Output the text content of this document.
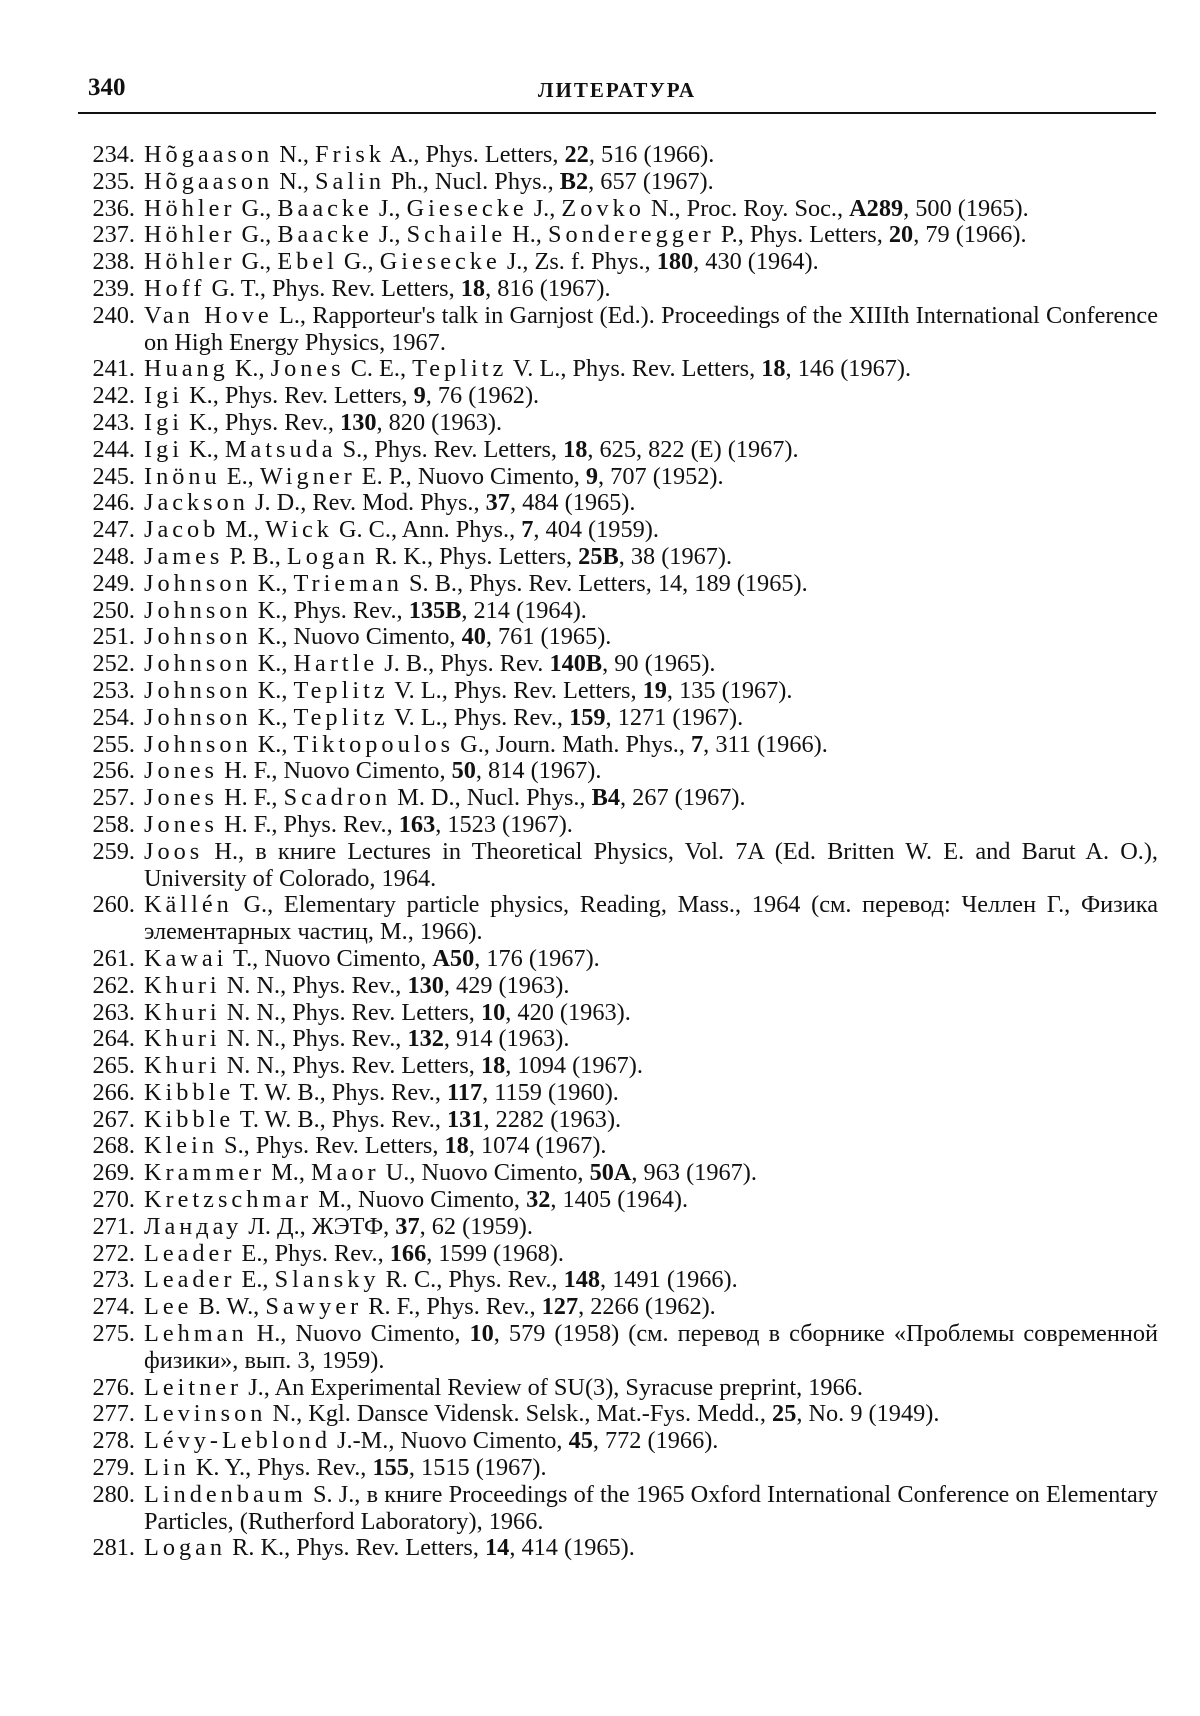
340	ЛИТЕРАТУРА
234. Hõgaason N., Frisk A., Phys. Letters, 22, 516 (1966).
235. Hõgaason N., Salin Ph., Nucl. Phys., B2, 657 (1967).
236. Höhler G., Baacke J., Giesecke J., Zovko N., Proc. Roy. Soc., A289, 500 (1965).
237. Höhler G., Baacke J., Schaile H., Sonderegger P., Phys. Letters, 20, 79 (1966).
238. Höhler G., Ebel G., Giesecke J., Zs. f. Phys., 180, 430 (1964).
239. Hoff G. T., Phys. Rev. Letters, 18, 816 (1967).
240. Van Hove L., Rapporteur's talk in Garnjost (Ed.). Proceedings of the XIIIth International Conference on High Energy Physics, 1967.
241. Huang K., Jones C. E., Teplitz V. L., Phys. Rev. Letters, 18, 146 (1967).
242. Igi K., Phys. Rev. Letters, 9, 76 (1962).
243. Igi K., Phys. Rev., 130, 820 (1963).
244. Igi K., Matsuda S., Phys. Rev. Letters, 18, 625, 822 (E) (1967).
245. Inönu E., Wigner E. P., Nuovo Cimento, 9, 707 (1952).
246. Jackson J. D., Rev. Mod. Phys., 37, 484 (1965).
247. Jacob M., Wick G. C., Ann. Phys., 7, 404 (1959).
248. James P. B., Logan R. K., Phys. Letters, 25B, 38 (1967).
249. Johnson K., Trieman S. B., Phys. Rev. Letters, 14, 189 (1965).
250. Johnson K., Phys. Rev., 135B, 214 (1964).
251. Johnson K., Nuovo Cimento, 40, 761 (1965).
252. Johnson K., Hartle J. B., Phys. Rev. 140B, 90 (1965).
253. Johnson K., Teplitz V. L., Phys. Rev. Letters, 19, 135 (1967).
254. Johnson K., Teplitz V. L., Phys. Rev., 159, 1271 (1967).
255. Johnson K., Tiktopoulos G., Journ. Math. Phys., 7, 311 (1966).
256. Jones H. F., Nuovo Cimento, 50, 814 (1967).
257. Jones H. F., Scadron M. D., Nucl. Phys., B4, 267 (1967).
258. Jones H. F., Phys. Rev., 163, 1523 (1967).
259. Joos H., в книге Lectures in Theoretical Physics, Vol. 7A (Ed. Britten W. E. and Barut A. O.), University of Colorado, 1964.
260. Källén G., Elementary particle physics, Reading, Mass., 1964 (см. перевод: Челлен Г., Физика элементарных частиц, М., 1966).
261. Kawai T., Nuovo Cimento, A50, 176 (1967).
262. Khuri N. N., Phys. Rev., 130, 429 (1963).
263. Khuri N. N., Phys. Rev. Letters, 10, 420 (1963).
264. Khuri N. N., Phys. Rev., 132, 914 (1963).
265. Khuri N. N., Phys. Rev. Letters, 18, 1094 (1967).
266. Kibble T. W. B., Phys. Rev., 117, 1159 (1960).
267. Kibble T. W. B., Phys. Rev., 131, 2282 (1963).
268. Klein S., Phys. Rev. Letters, 18, 1074 (1967).
269. Krammer M., Maor U., Nuovo Cimento, 50A, 963 (1967).
270. Kretzschmar M., Nuovo Cimento, 32, 1405 (1964).
271. Ландау Л. Д., ЖЭТФ, 37, 62 (1959).
272. Leader E., Phys. Rev., 166, 1599 (1968).
273. Leader E., Slansky R. C., Phys. Rev., 148, 1491 (1966).
274. Lee B. W., Sawyer R. F., Phys. Rev., 127, 2266 (1962).
275. Lehman H., Nuovo Cimento, 10, 579 (1958) (см. перевод в сборнике «Проблемы современной физики», вып. 3, 1959).
276. Leitner J., An Experimental Review of SU(3), Syracuse preprint, 1966.
277. Levinson N., Kgl. Dansce Vidensk. Selsk., Mat.-Fys. Medd., 25, No. 9 (1949).
278. Lévy-Leblond J.-M., Nuovo Cimento, 45, 772 (1966).
279. Lin K. Y., Phys. Rev., 155, 1515 (1967).
280. Lindenbaum S. J., в книге Proceedings of the 1965 Oxford International Conference on Elementary Particles, (Rutherford Laboratory), 1966.
281. Logan R. K., Phys. Rev. Letters, 14, 414 (1965).
